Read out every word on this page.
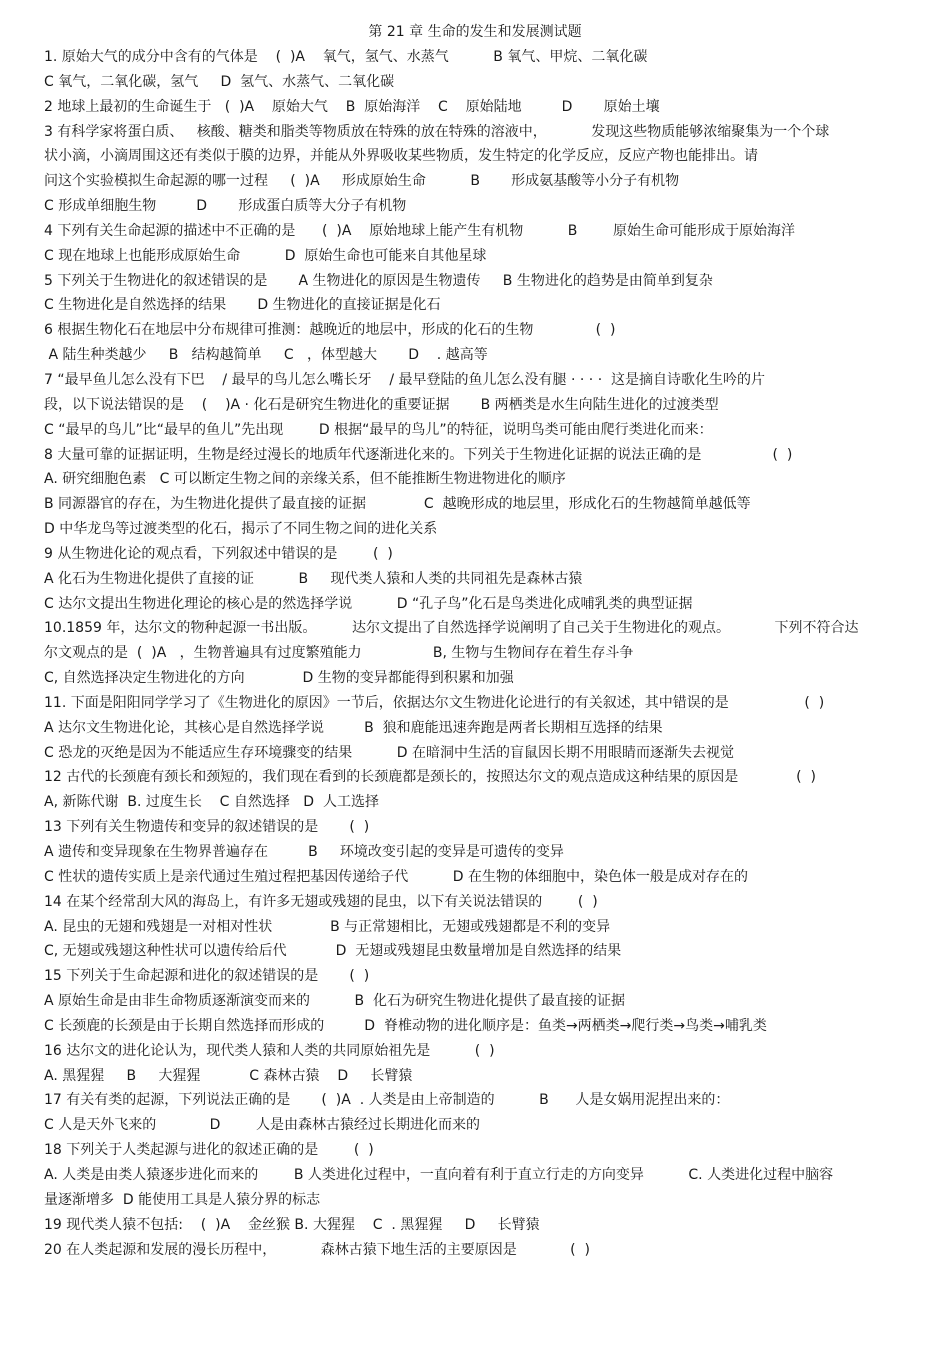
第 21 章 生命的发生和发展测试题
1. 原始大气的成分中含有的气体是    (  )A    氧气，氢气、水蒸气          B 氧气、甲烷、二氧化碳
C 氧气，二氧化碳，氢气     D  氢气、水蒸气、二氧化碳
2 地球上最初的生命诞生于   (  )A    原始大气    B  原始海洋    C    原始陆地         D       原始土壤
3 有科学家将蛋白质、   核酸、糖类和脂类等物质放在特殊的放在特殊的溶液中，          发现这些物质能够浓缩聚集为一个个球
状小滴，小滴周围这还有类似于膜的边界，并能从外界吸收某些物质，发生特定的化学反应，反应产物也能排出。请
问这个实验模拟生命起源的哪一过程     (  )A     形成原始生命          B       形成氨基酸等小分子有机物
C 形成单细胞生物         D       形成蛋白质等大分子有机物
4 下列有关生命起源的描述中不正确的是      (  )A    原始地球上能产生有机物          B        原始生命可能形成于原始海洋
C 现在地球上也能形成原始生命          D  原始生命也可能来自其他星球
5 下列关于生物进化的叙述错误的是       A 生物进化的原因是生物遗传     B 生物进化的趋势是由简单到复杂
C 生物进化是自然选择的结果       D 生物进化的直接证据是化石
6 根据生物化石在地层中分布规律可推测：越晚近的地层中，形成的化石的生物              (  )
A 陆生种类越少     B   结构越简单     C   ，体型越大       D    . 越高等
7 “最早鱼儿怎么没有下巴    / 最早的鸟儿怎么嘴长牙    / 最早登陆的鱼儿怎么没有腿 · · · ·  这是摘自诗歌化生吟的片
段，以下说法错误的是    (    )A · 化石是研究生物进化的重要证据       B 两栖类是水生向陆生进化的过渡类型
C “最早的鸟儿”比“最早的鱼儿”先出现        D 根据“最早的鸟儿”的特征，说明鸟类可能由爬行类进化而来：
8 大量可靠的证据证明，生物是经过漫长的地质年代逐渐进化来的。下列关于生物进化证据的说法正确的是                (  )
A. 研究细胞色素   C 可以断定生物之间的亲缘关系，但不能推断生物进物进化的顺序
B 同源器官的存在，为生物进化提供了最直接的证据             C  越晚形成的地层里，形成化石的生物越简单越低等
D 中华龙鸟等过渡类型的化石，揭示了不同生物之间的进化关系
9 从生物进化论的观点看，下列叙述中错误的是        (  )
A 化石为生物进化提供了直接的证          B     现代类人猿和人类的共同祖先是森林古猿
C 达尔文提出生物进化理论的核心是的然选择学说          D “孔子鸟”化石是鸟类进化成哺乳类的典型证据
10.1859 年，达尔文的物种起源一书出版。        达尔文提出了自然选择学说阐明了自己关于生物进化的观点。          下列不符合达
尔文观点的是  (  )A   ，生物普遍具有过度繁殖能力                B, 生物与生物间存在着生存斗争
C, 自然选择决定生物进化的方向             D 生物的变异都能得到积累和加强
11. 下面是阳阳同学学习了《生物进化的原因》一节后，依据达尔文生物进化论进行的有关叙述，其中错误的是                 (  )
A 达尔文生物进化论，其核心是自然选择学说         B  狼和鹿能迅速奔跑是两者长期相互选择的结果
C 恐龙的灭绝是因为不能适应生存环境骤变的结果          D 在暗洞中生活的盲鼠因长期不用眼睛而逐渐失去视觉
12 古代的长颈鹿有颈长和颈短的，我们现在看到的长颈鹿都是颈长的，按照达尔文的观点造成这种结果的原因是             (  )
A, 新陈代谢  B. 过度生长    C 自然选择   D  人工选择
13 下列有关生物遗传和变异的叙述错误的是       (  )
A 遗传和变异现象在生物界普遍存在         B     环境改变引起的变异是可遗传的变异
C 性状的遗传实质上是亲代通过生殖过程把基因传递给子代          D 在生物的体细胞中，染色体一般是成对存在的
14 在某个经常刮大风的海岛上，有许多无翅或残翅的昆虫，以下有关说法错误的        (  )
A. 昆虫的无翅和残翅是一对相对性状             B 与正常翅相比，无翅或残翅都是不利的变异
C, 无翅或残翅这种性状可以遗传给后代           D  无翅或残翅昆虫数量增加是自然选择的结果
15 下列关于生命起源和进化的叙述错误的是       (  )
A 原始生命是由非生命物质逐渐演变而来的          B  化石为研究生物进化提供了最直接的证据
C 长颈鹿的长颈是由于长期自然选择而形成的         D  脊椎动物的进化顺序是：鱼类→两栖类→爬行类→鸟类→哺乳类
16 达尔文的进化论认为，现代类人猿和人类的共同原始祖先是          (  )
A. 黑猩猩     B     大猩猩           C 森林古猿    D     长臂猿
17 有关有类的起源，下列说法正确的是       (  )A  . 人类是由上帝制造的          B      人是女娲用泥捏出来的：
C 人是天外飞来的            D        人是由森林古猿经过长期进化而来的
18 下列关于人类起源与进化的叙述正确的是        (  )
A. 人类是由类人猿逐步进化而来的        B 人类进化过程中，一直向着有利于直立行走的方向变异          C. 人类进化过程中脑容
量逐渐增多  D 能使用工具是人猿分界的标志
19 现代类人猿不包括:    (  )A    金丝猴 B. 大猩猩    C  . 黑猩猩     D     长臂猿
20 在人类起源和发展的漫长历程中，          森林古猿下地生活的主要原因是            (  )
